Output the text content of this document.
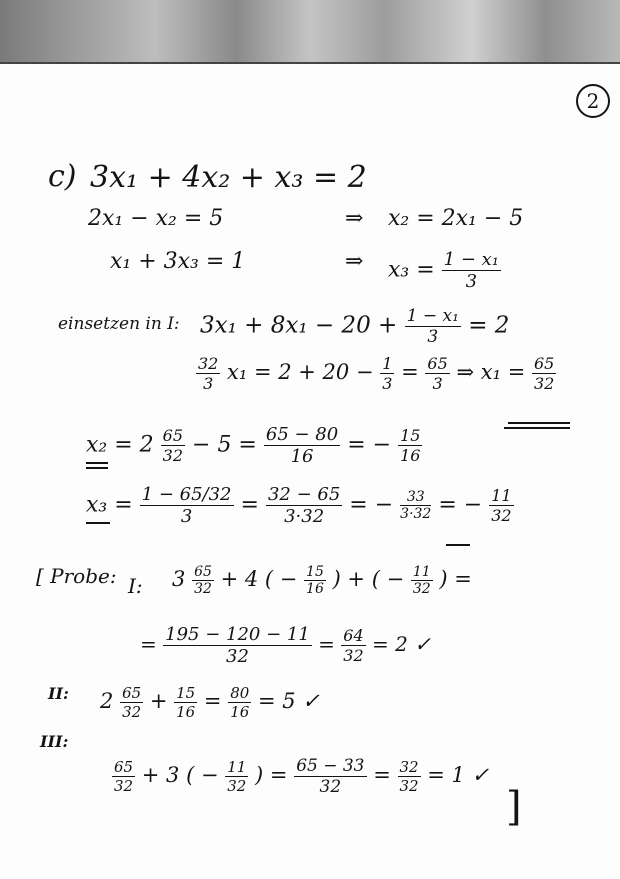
2
c) 3x₁ + 4x₂ + x₃ = 2
2x₁ − x₂ = 5	⇒ x₂ = 2x₁ − 5
x₁ + 3x₃ = 1	⇒ $x_3 = \frac{\text{1 − x₁}}{3}$
einsetzen in I: $3x_1 + 8x_1 - 20 + \frac{\text{1 − x₁}}{3} = 2$
$\frac{32}{3} x_1 = 2 + 20 - \frac{1}{3} = \frac{65}{3}$ ⇒ $x_1 = \frac{65}{32}$
$x_2 = 2 \frac{65}{32} - 5 = \frac{65 - 80}{16}$ = − $\frac{15}{16}$
$x_3 = \frac{1 - 65/32}{3} = \frac{32 - 65}{3\cdot 32}$ = − $\frac{33}{3\cdot 32}$ = − $\frac{11}{32}$
[ Probe: I: $3 \frac{65}{32} + 4$ ( − $\frac{15}{16}$ ) + ( − $\frac{11}{32}$ ) =
= $\frac{195 - 120 - 11}{32} = \frac{64}{32} = 2$ ✓
II: $2 \frac{65}{32} + \frac{15}{16} = \frac{80}{16} = 5$ ✓
III:
$\frac{65}{32} + 3$ ( − $\frac{11}{32}$ ) = $\frac{65 - 33}{32} = \frac{32}{32} = 1$ ✓
]
